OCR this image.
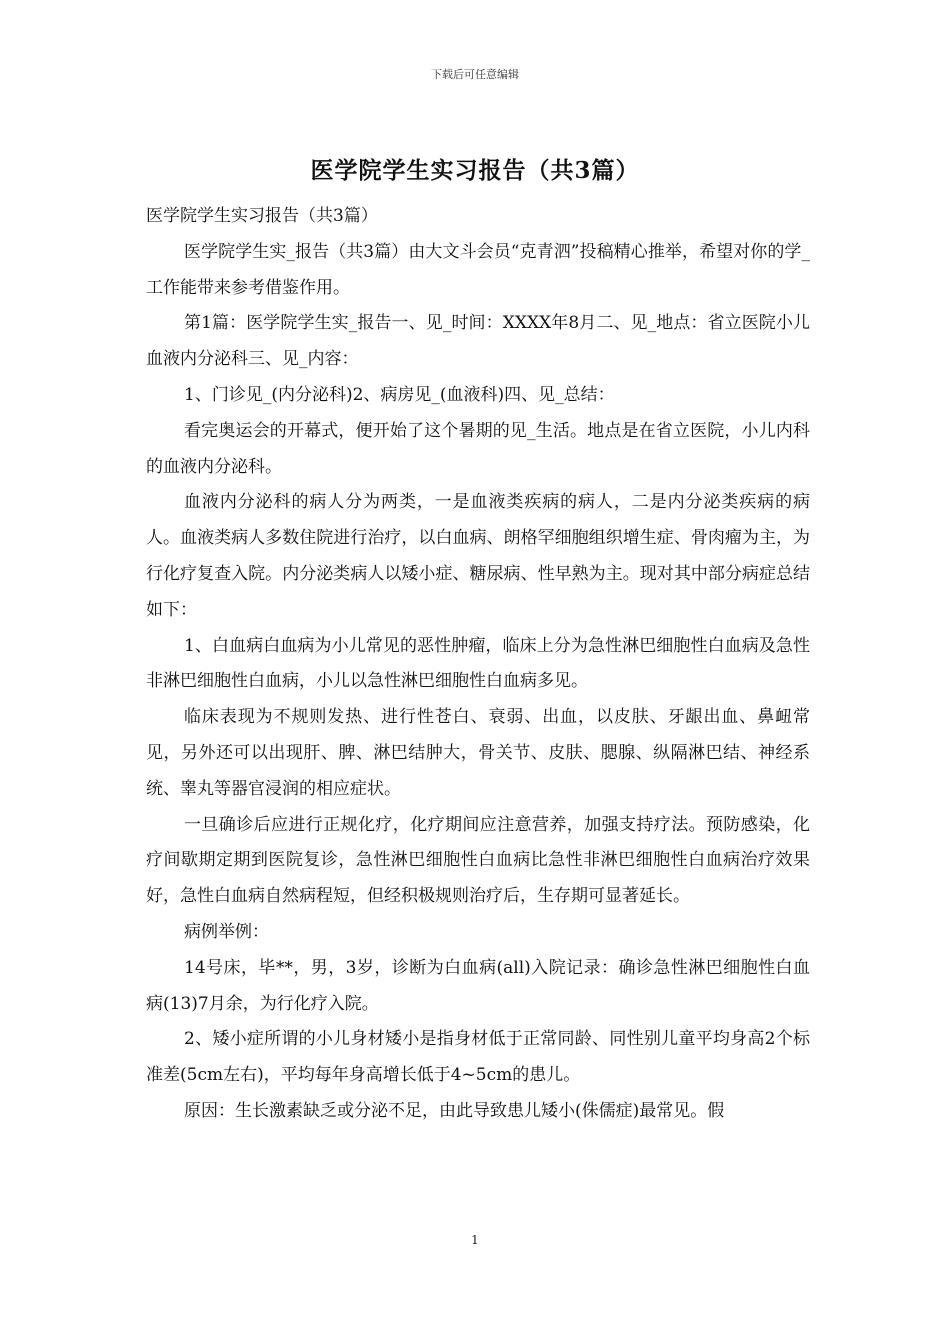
下载后可任意编辑
医学院学生实习报告（共3篇）

医学院学生实习报告（共3篇）

医学院学生实_报告（共3篇）由大文斗会员“克青泗”投稿精心推举，希望对你的学_工作能带来参考借鉴作用。

第1篇：医学院学生实_报告一、见_时间：XXXX年8月二、见_地点：省立医院小儿血液内分泌科三、见_内容：

1、门诊见_(内分泌科)2、病房见_(血液科)四、见_总结：

看完奥运会的开幕式，便开始了这个暑期的见_生活。地点是在省立医院，小儿内科的血液内分泌科。

血液内分泌科的病人分为两类，一是血液类疾病的病人，二是内分泌类疾病的病人。血液类病人多数住院进行治疗，以白血病、朗格罕细胞组织增生症、骨肉瘤为主，为行化疗复查入院。内分泌类病人以矮小症、糖尿病、性早熟为主。现对其中部分病症总结如下：

1、白血病白血病为小儿常见的恶性肿瘤，临床上分为急性淋巴细胞性白血病及急性非淋巴细胞性白血病，小儿以急性淋巴细胞性白血病多见。

临床表现为不规则发热、进行性苍白、衰弱、出血，以皮肤、牙龈出血、鼻衄常见，另外还可以出现肝、脾、淋巴结肿大，骨关节、皮肤、腮腺、纵隔淋巴结、神经系统、睾丸等器官浸润的相应症状。

一旦确诊后应进行正规化疗，化疗期间应注意营养，加强支持疗法。预防感染，化疗间歇期定期到医院复诊，急性淋巴细胞性白血病比急性非淋巴细胞性白血病治疗效果好，急性白血病自然病程短，但经积极规则治疗后，生存期可显著延长。

病例举例：

14号床，毕**，男，3岁，诊断为白血病(all)入院记录：确诊急性淋巴细胞性白血病(13)7月余，为行化疗入院。

2、矮小症所谓的小儿身材矮小是指身材低于正常同龄、同性别儿童平均身高2个标准差(5cm左右)，平均每年身高增长低于4~5cm的患儿。

原因：生长激素缺乏或分泌不足，由此导致患儿矮小(侏儒症)最常见。假

1
